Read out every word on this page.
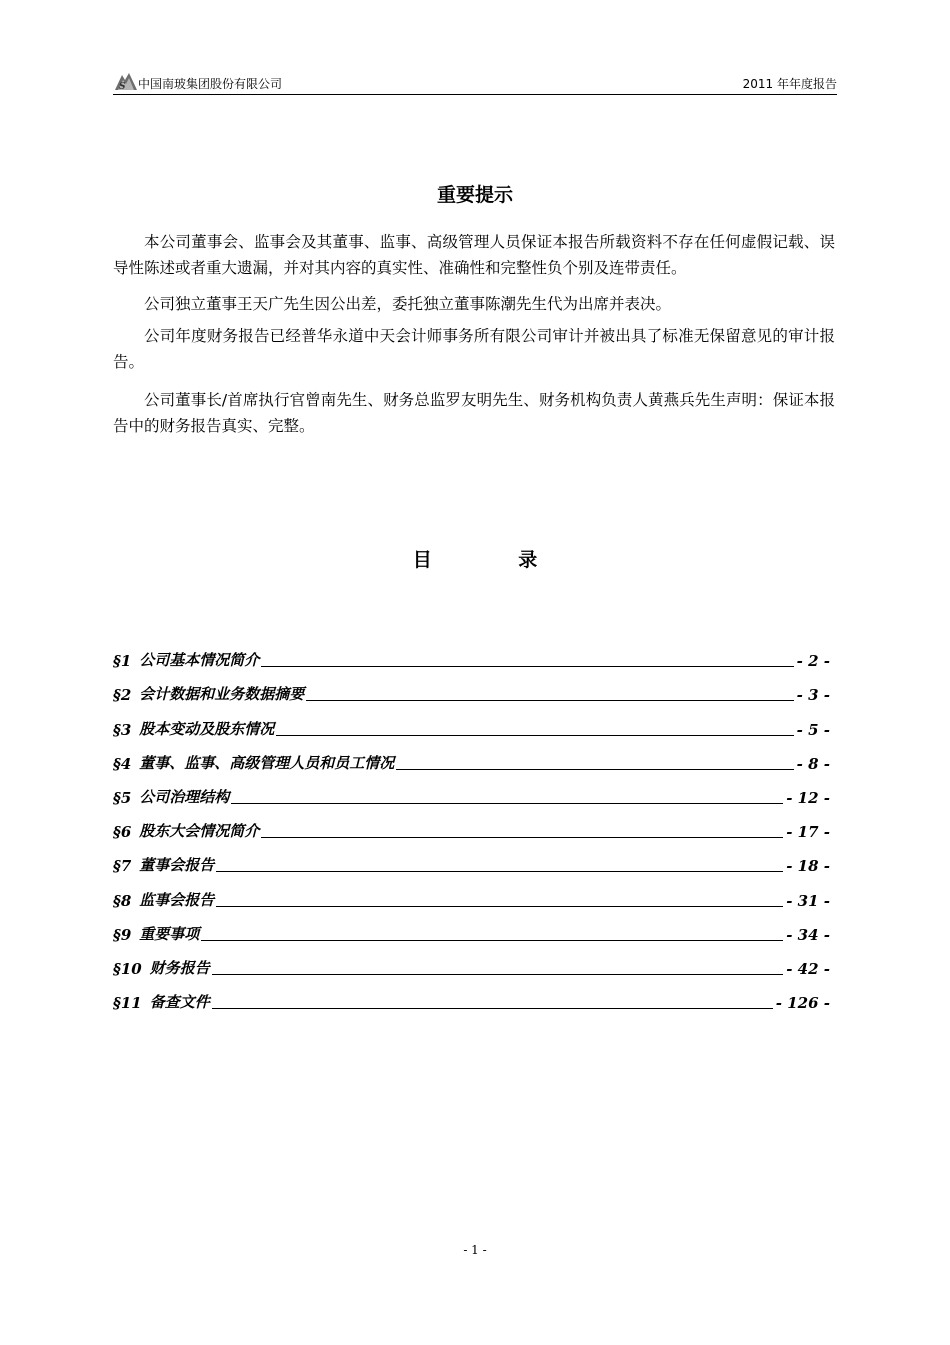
S 中国南玻集团股份有限公司	2011 年年度报告
重要提示

本公司董事会、监事会及其董事、监事、高级管理人员保证本报告所载资料不存在任何虚假记载、误导性陈述或者重大遗漏，并对其内容的真实性、准确性和完整性负个别及连带责任。

公司独立董事王天广先生因公出差，委托独立董事陈潮先生代为出席并表决。

公司年度财务报告已经普华永道中天会计师事务所有限公司审计并被出具了标准无保留意见的审计报告。

公司董事长/首席执行官曾南先生、财务总监罗友明先生、财务机构负责人黄燕兵先生声明：保证本报告中的财务报告真实、完整。

目 录
§1 公司基本情况简介	- 2 -
§2 会计数据和业务数据摘要	- 3 -
§3 股本变动及股东情况	- 5 -
§4 董事、监事、高级管理人员和员工情况	- 8 -
§5 公司治理结构	- 12 -
§6 股东大会情况简介	- 17 -
§7 董事会报告	- 18 -
§8 监事会报告	- 31 -
§9 重要事项	- 34 -
§10 财务报告	- 42 -
§11 备查文件	- 126 -
- 1 -
